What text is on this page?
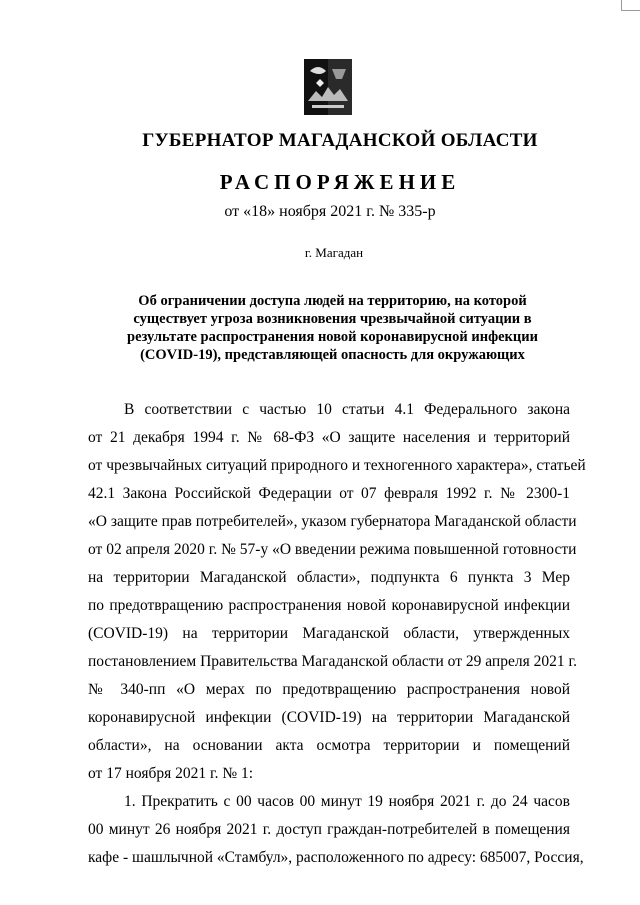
ГУБЕРНАТОР МАГАДАНСКОЙ ОБЛАСТИ
РАСПОРЯЖЕНИЕ
от «18» ноября 2021 г. № 335-р
г. Магадан
Об ограничении доступа людей на территорию, на которой
существует угроза возникновения чрезвычайной ситуации в
результате распространения новой коронавирусной инфекции
(COVID-19), представляющей опасность для окружающих
В соответствии с частью 10 статьи 4.1 Федерального закона
от 21 декабря 1994 г. № 68-ФЗ «О защите населения и территорий
от чрезвычайных ситуаций природного и техногенного характера», статьей
42.1 Закона Российской Федерации от 07 февраля 1992 г. № 2300-1
«О защите прав потребителей», указом губернатора Магаданской области
от 02 апреля 2020 г. № 57-у «О введении режима повышенной готовности
на территории Магаданской области», подпункта 6 пункта 3 Мер
по предотвращению распространения новой коронавирусной инфекции
(COVID-19) на территории Магаданской области, утвержденных
постановлением Правительства Магаданской области от 29 апреля 2021 г.
№ 340-пп «О мерах по предотвращению распространения новой
коронавирусной инфекции (COVID-19) на территории Магаданской
области», на основании акта осмотра территории и помещений
от 17 ноября 2021 г. № 1:
1. Прекратить с 00 часов 00 минут 19 ноября 2021 г. до 24 часов
00 минут 26 ноября 2021 г. доступ граждан-потребителей в помещения
кафе - шашлычной «Стамбул», расположенного по адресу: 685007, Россия,
